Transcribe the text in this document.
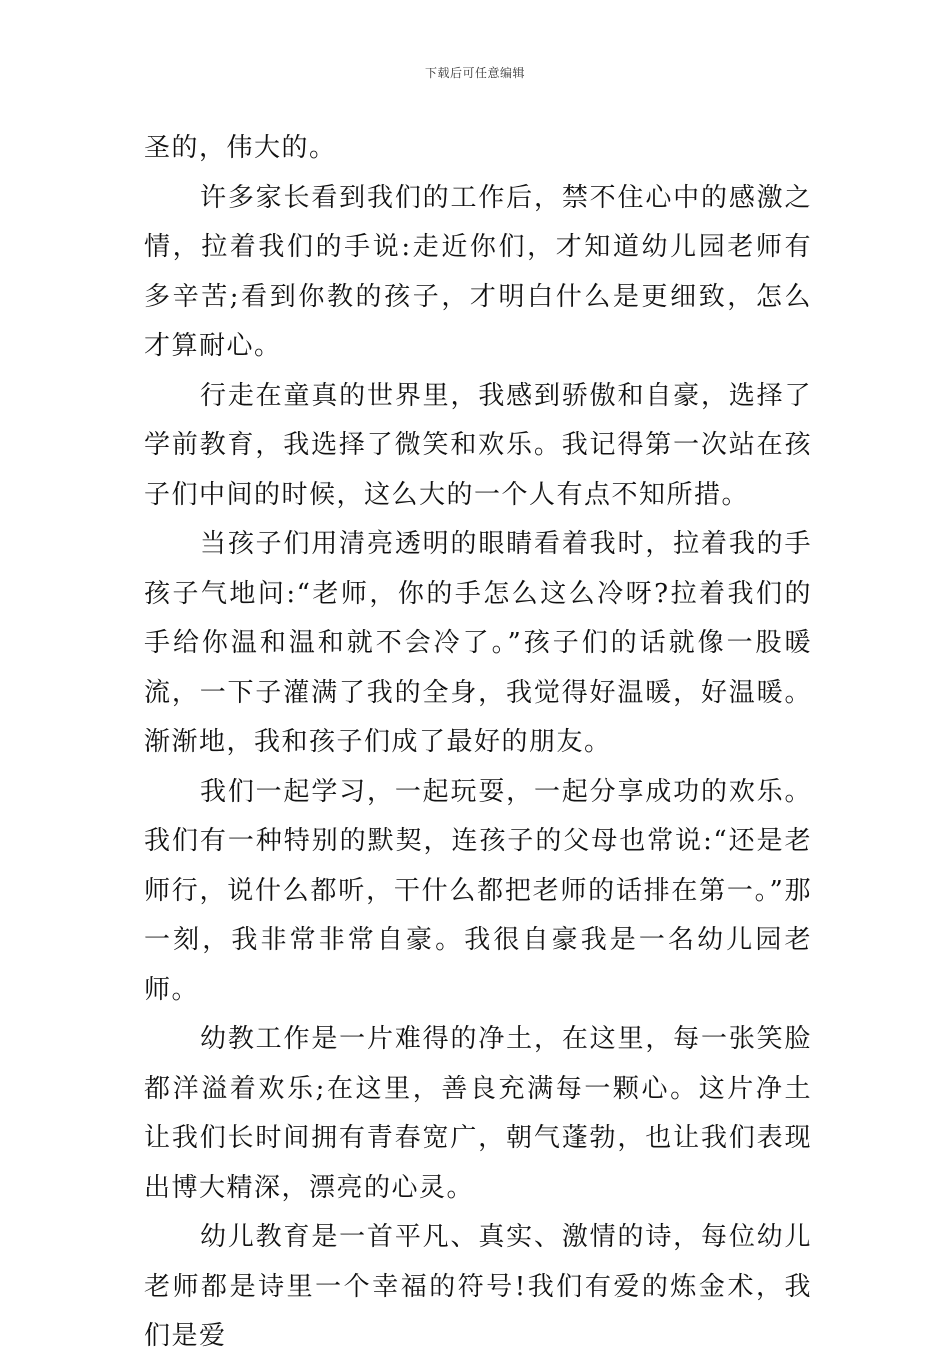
下载后可任意编辑

圣的，伟大的。

许多家长看到我们的工作后，禁不住心中的感激之情，拉着我们的手说:走近你们，才知道幼儿园老师有多辛苦;看到你教的孩子，才明白什么是更细致，怎么才算耐心。

行走在童真的世界里，我感到骄傲和自豪，选择了学前教育，我选择了微笑和欢乐。我记得第一次站在孩子们中间的时候，这么大的一个人有点不知所措。

当孩子们用清亮透明的眼睛看着我时，拉着我的手孩子气地问:“老师，你的手怎么这么冷呀?拉着我们的手给你温和温和就不会冷了。”孩子们的话就像一股暖流，一下子灌满了我的全身，我觉得好温暖，好温暖。渐渐地，我和孩子们成了最好的朋友。

我们一起学习，一起玩耍，一起分享成功的欢乐。我们有一种特别的默契，连孩子的父母也常说:“还是老师行，说什么都听，干什么都把老师的话排在第一。”那一刻，我非常非常自豪。我很自豪我是一名幼儿园老师。

幼教工作是一片难得的净土，在这里，每一张笑脸都洋溢着欢乐;在这里，善良充满每一颗心。这片净土让我们长时间拥有青春宽广，朝气蓬勃，也让我们表现出博大精深，漂亮的心灵。

幼儿教育是一首平凡、真实、激情的诗，每位幼儿老师都是诗里一个幸福的符号!我们有爱的炼金术，我们是爱
